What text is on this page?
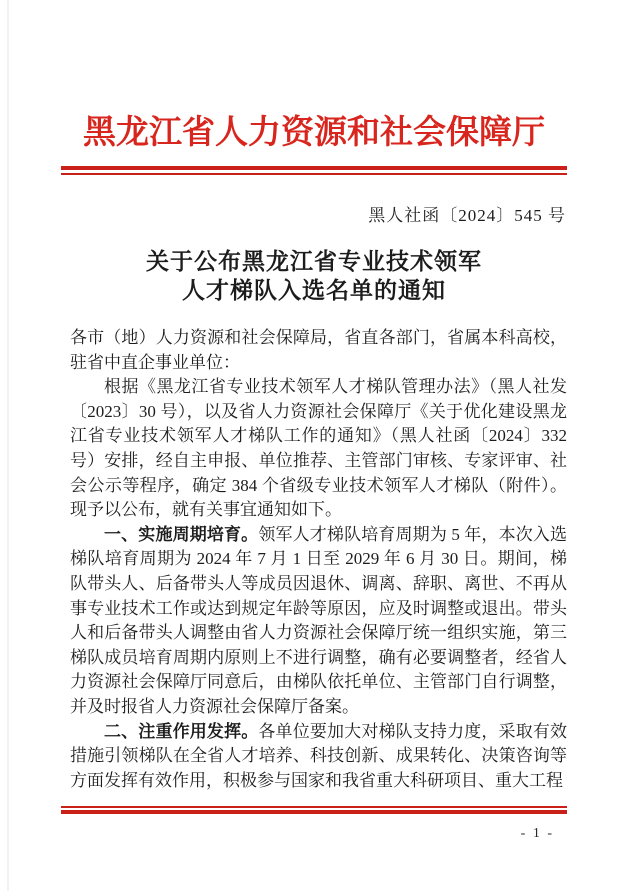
黑龙江省人力资源和社会保障厅
黑人社函〔2024〕545 号
关于公布黑龙江省专业技术领军
人才梯队入选名单的通知

各市（地）人力资源和社会保障局，省直各部门，省属本科高校，驻省中直企事业单位：

根据《黑龙江省专业技术领军人才梯队管理办法》（黑人社发〔2023〕30 号），以及省人力资源社会保障厅《关于优化建设黑龙江省专业技术领军人才梯队工作的通知》（黑人社函〔2024〕332 号）安排，经自主申报、单位推荐、主管部门审核、专家评审、社会公示等程序，确定 384 个省级专业技术领军人才梯队（附件）。现予以公布，就有关事宜通知如下。

一、实施周期培育。领军人才梯队培育周期为 5 年，本次入选梯队培育周期为 2024 年 7 月 1 日至 2029 年 6 月 30 日。期间，梯队带头人、后备带头人等成员因退休、调离、辞职、离世、不再从事专业技术工作或达到规定年龄等原因，应及时调整或退出。带头人和后备带头人调整由省人力资源社会保障厅统一组织实施，第三梯队成员培育周期内原则上不进行调整，确有必要调整者，经省人力资源社会保障厅同意后，由梯队依托单位、主管部门自行调整，并及时报省人力资源社会保障厅备案。

二、注重作用发挥。各单位要加大对梯队支持力度，采取有效措施引领梯队在全省人才培养、科技创新、成果转化、决策咨询等方面发挥有效作用，积极参与国家和我省重大科研项目、重大工程

- 1 -
